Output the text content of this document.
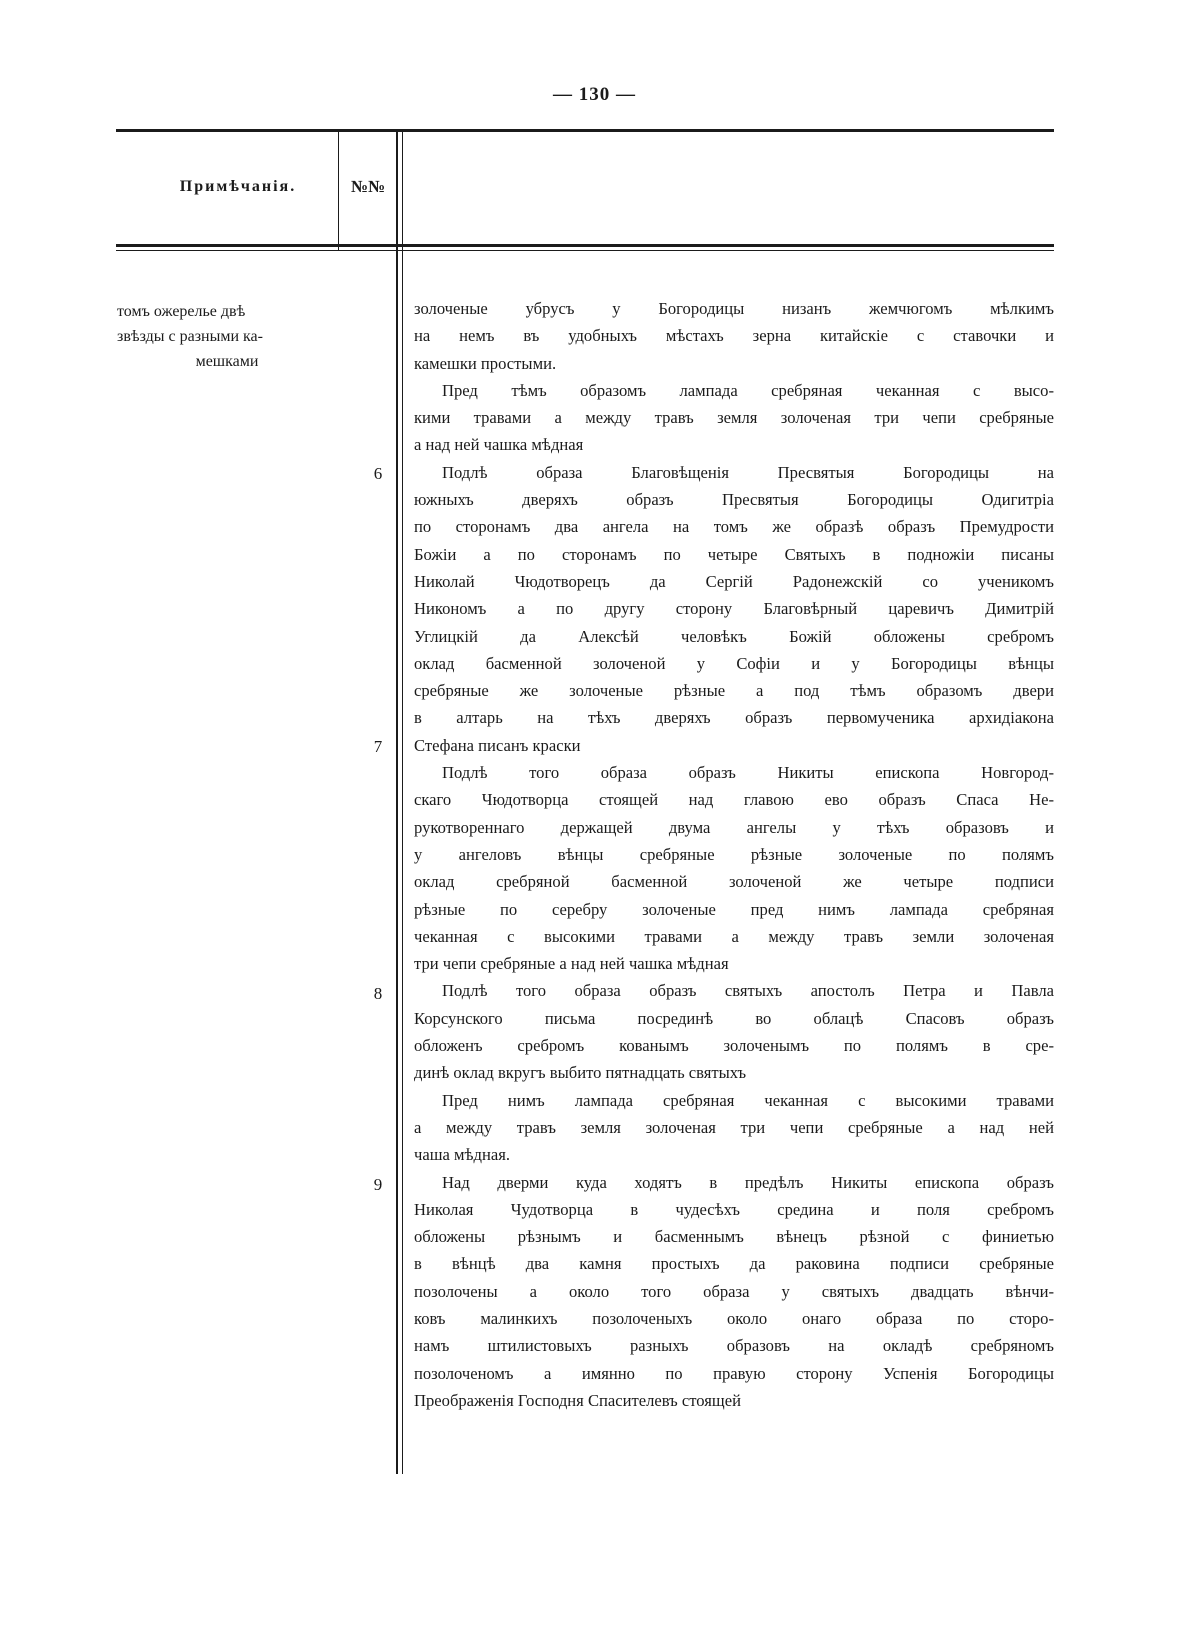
— 130 —
Примѣчанія.	№№
томъ ожерелье двѣ
звѣзды с разными ка-
мешками
6
7
8
9
золоченые убрусъ у Богородицы низанъ жемчюгомъ мѣлкимъ
на немъ въ удобныхъ мѣстахъ зерна китайскіе с ставочки и
камешки простыми.
Пред тѣмъ образомъ лампада сребряная чеканная с высо-
кими травами а между травъ земля золоченая три чепи сребряные
а над ней чашка мѣдная
Подлѣ образа Благовѣщенія Пресвятыя Богородицы на
южныхъ дверяхъ образъ Пресвятыя Богородицы Одигитріа
по сторонамъ два ангела на томъ же образѣ образъ Премудрости
Божіи а по сторонамъ по четыре Святыхъ в подножіи писаны
Николай Чюдотворецъ да Сергій Радонежскій со ученикомъ
Никономъ а по другу сторону Благовѣрный царевичъ Димитрій
Углицкій да Алексѣй человѣкъ Божій обложены сребромъ
оклад басменной золоченой у Софіи и у Богородицы вѣнцы
сребряные же золоченые рѣзные а под тѣмъ образомъ двери
в алтарь на тѣхъ дверяхъ образъ первомученика архидіакона
Стефана писанъ краски
Подлѣ того образа образъ Никиты епископа Новгород-
скаго Чюдотворца стоящей над главою ево образъ Спаса Не-
рукотвореннаго держащей двума ангелы у тѣхъ образовъ и
у ангеловъ вѣнцы сребряные рѣзные золоченые по полямъ
оклад сребряной басменной золоченой же четыре подписи
рѣзные по серебру золоченые пред нимъ лампада сребряная
чеканная с высокими травами а между травъ земли золоченая
три чепи сребряные а над ней чашка мѣдная
Подлѣ того образа образъ святыхъ апостолъ Петра и Павла
Корсунского письма посрединѣ во облацѣ Спасовъ образъ
обложенъ сребромъ кованымъ золоченымъ по полямъ в сре-
динѣ оклад вкругъ выбито пятнадцать святыхъ
Пред нимъ лампада сребряная чеканная с высокими травами
а между травъ земля золоченая три чепи сребряные а над ней
чаша мѣдная.
Над дверми куда ходятъ в предѣлъ Никиты епископа образъ
Николая Чудотворца в чудесѣхъ средина и поля сребромъ
обложены рѣзнымъ и басменнымъ вѣнецъ рѣзной с финиетью
в вѣнцѣ два камня простыхъ да раковина подписи сребряные
позолочены а около того образа у святыхъ двадцать вѣнчи-
ковъ малинкихъ позолоченыхъ около онаго образа по сторо-
намъ штилистовыхъ разныхъ образовъ на окладѣ сребряномъ
позолоченомъ а имянно по правую сторону Успенія Богородицы
Преображенія Господня Спасителевъ стоящей
